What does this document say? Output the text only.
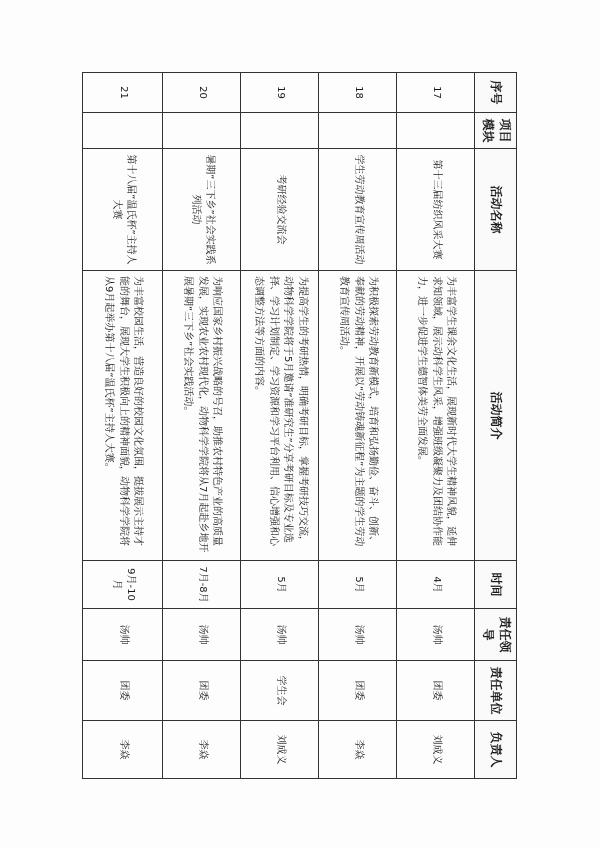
序号	项目模块	活动名称	活动简介	时间	责任领导	责任单位	负责人
17		第十三届纺织风采大赛	为丰富学生课余文化生活，展现新时代大学生精神风貌，延伸求知领域，展示动科学生风采，增强班级凝聚力及团结协作能力，进一步促进学生德智体美劳全面发展。	4月	汤帅	团委	刘成义
18		学生劳动教育宣传周活动	为积极探索劳动教育新模式，培育和弘扬勤俭、奋斗、创新、奉献的劳动精神，开展以“劳动铸魂新征程”为主题的学生劳动教育宣传周活动。	5月	汤帅	团委	李焱
19		考研经验交流会	为提高学生的考研热情，明确考研目标，掌握考研技巧交流，动物科学学院将于5月邀请“准研究生”分享考研目标及专业选择、学习计划制定、学习资源和学习平台利用、信心增强和心态调整方法等方面的内容。	5月	汤帅	学生会	刘成义
20		暑期“三下乡”社会实践系列活动	为响应国家乡村振兴战略的号召，助推农村特色产业的高质量发展，实现农业农村现代化，动物科学学院将从7月起赴乡地开展暑期“三下乡”社会实践活动。	7月-8月	汤帅	团委	李焱
21		第十八届“温氏杯”主持人大赛	为丰富校园生活，营造良好的校园文化氛围，挺拔展示主持才能的舞台，展现大学生积极向上的精神面貌，动物科学学院将从9月起举办第十八届“温氏杯”主持人大赛。	9月-10月	汤帅	团委	李焱
